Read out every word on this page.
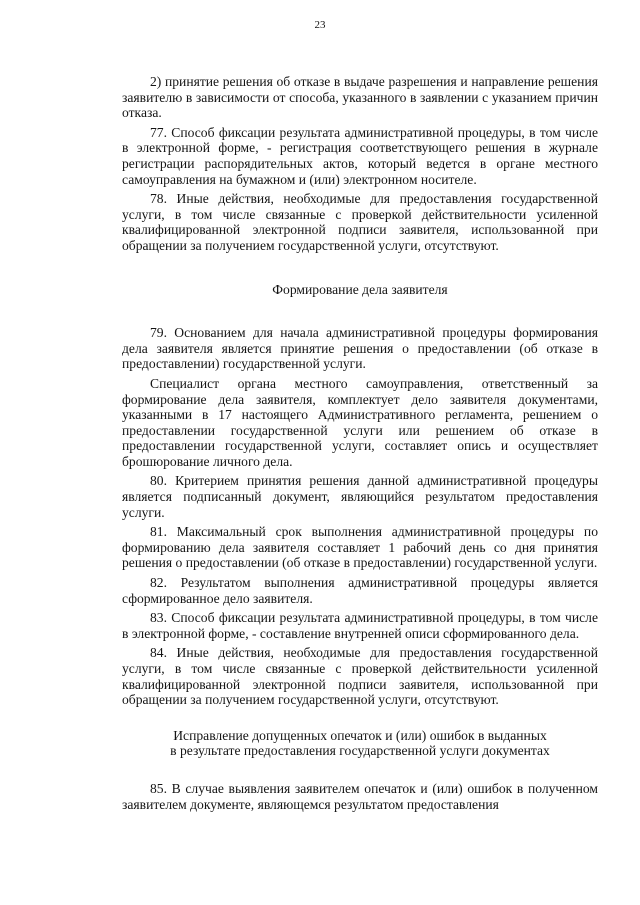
23

2) принятие решения об отказе в выдаче разрешения и направление решения заявителю в зависимости от способа, указанного в заявлении с указанием причин отказа.

77. Способ фиксации результата административной процедуры, в том числе в электронной форме, - регистрация соответствующего решения в журнале регистрации распорядительных актов, который ведется в органе местного самоуправления на бумажном и (или) электронном носителе.

78. Иные действия, необходимые для предоставления государственной услуги, в том числе связанные с проверкой действительности усиленной квалифицированной электронной подписи заявителя, использованной при обращении за получением государственной услуги, отсутствуют.

Формирование дела заявителя

79. Основанием для начала административной процедуры формирования дела заявителя является принятие решения о предоставлении (об отказе в предоставлении) государственной услуги.

Специалист органа местного самоуправления, ответственный за формирование дела заявителя, комплектует дело заявителя документами, указанными в 17 настоящего Административного регламента, решением о предоставлении государственной услуги или решением об отказе в предоставлении государственной услуги, составляет опись и осуществляет брошюрование личного дела.

80. Критерием принятия решения данной административной процедуры является подписанный документ, являющийся результатом предоставления услуги.

81. Максимальный срок выполнения административной процедуры по формированию дела заявителя составляет 1 рабочий день со дня принятия решения о предоставлении (об отказе в предоставлении) государственной услуги.

82. Результатом выполнения административной процедуры является сформированное дело заявителя.

83. Способ фиксации результата административной процедуры, в том числе в электронной форме, - составление внутренней описи сформированного дела.

84. Иные действия, необходимые для предоставления государственной услуги, в том числе связанные с проверкой действительности усиленной квалифицированной электронной подписи заявителя, использованной при обращении за получением государственной услуги, отсутствуют.

Исправление допущенных опечаток и (или) ошибок в выданных
в результате предоставления государственной услуги документах

85. В случае выявления заявителем опечаток и (или) ошибок в полученном заявителем документе, являющемся результатом предоставления
